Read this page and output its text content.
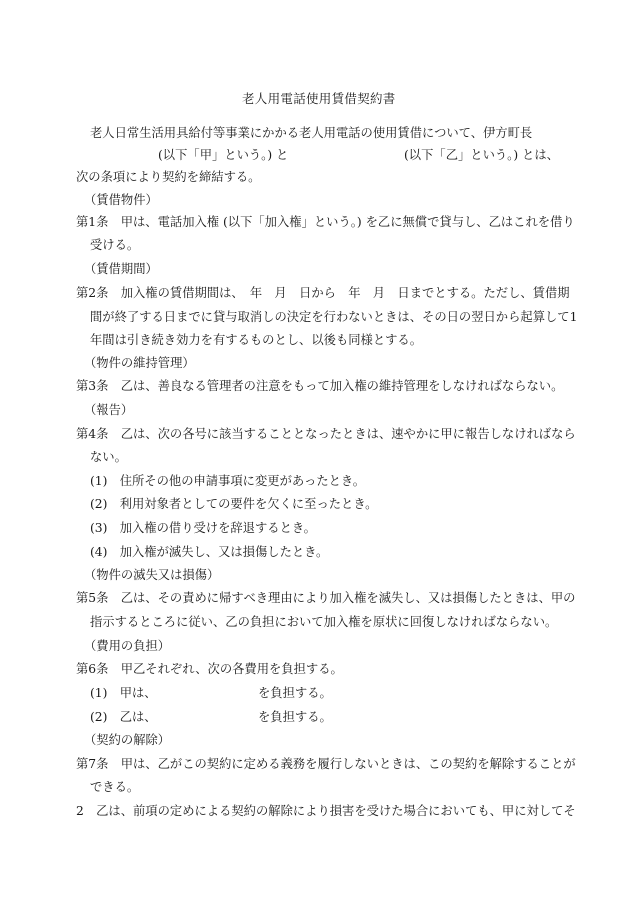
老人用電話使用賃借契約書
老人日常生活用具給付等事業にかかる老人用電話の使用賃借について、伊方町長
(以下「甲」という。) と	(以下「乙」という。) とは、
次の条項により契約を締結する。
（賃借物件）
第1条　甲は、電話加入権 (以下「加入権」という。) を乙に無償で貸与し、乙はこれを借り
受ける。
（賃借期間）
第2条　加入権の賃借期間は、　年　月　日から　年　月　日までとする。ただし、賃借期
間が終了する日までに貸与取消しの決定を行わないときは、その日の翌日から起算して1
年間は引き続き効力を有するものとし、以後も同様とする。
（物件の維持管理）
第3条　乙は、善良なる管理者の注意をもって加入権の維持管理をしなければならない。
（報告）
第4条　乙は、次の各号に該当することとなったときは、速やかに甲に報告しなければなら
ない。
(1)　住所その他の申請事項に変更があったとき。
(2)　利用対象者としての要件を欠くに至ったとき。
(3)　加入権の借り受けを辞退するとき。
(4)　加入権が滅失し、又は損傷したとき。
（物件の滅失又は損傷）
第5条　乙は、その責めに帰すべき理由により加入権を滅失し、又は損傷したときは、甲の
指示するところに従い、乙の負担において加入権を原状に回復しなければならない。
（費用の負担）
第6条　甲乙それぞれ、次の各費用を負担する。
(1)　甲は、	を負担する。
(2)　乙は、	を負担する。
（契約の解除）
第7条　甲は、乙がこの契約に定める義務を履行しないときは、この契約を解除することが
できる。
2　乙は、前項の定めによる契約の解除により損害を受けた場合においても、甲に対してそ
